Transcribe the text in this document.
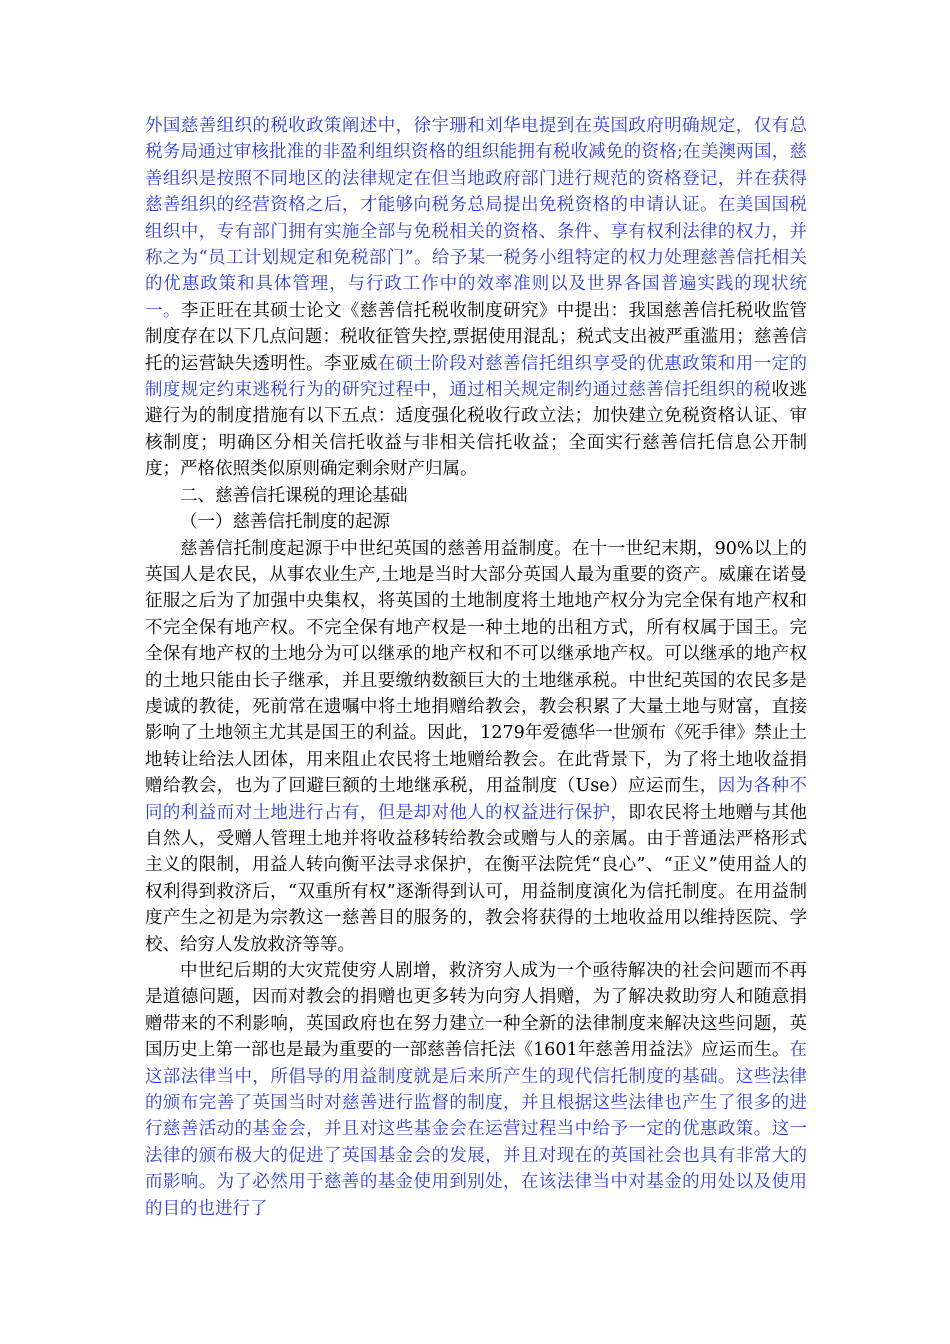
外国慈善组织的税收政策阐述中，徐宇珊和刘华电提到在英国政府明确规定，仅有总税务局通过审核批准的非盈利组织资格的组织能拥有税收减免的资格;在美澳两国，慈善组织是按照不同地区的法律规定在但当地政府部门进行规范的资格登记，并在获得慈善组织的经营资格之后，才能够向税务总局提出免税资格的申请认证。在美国国税组织中，专有部门拥有实施全部与免税相关的资格、条件、享有权利法律的权力，并称之为“员工计划规定和免税部门”。给予某一税务小组特定的权力处理慈善信托相关的优惠政策和具体管理，与行政工作中的效率准则以及世界各国普遍实践的现状统一。李正旺在其硕士论文《慈善信托税收制度研究》中提出：我国慈善信托税收监管制度存在以下几点问题：税收征管失控,票据使用混乱；税式支出被严重滥用；慈善信托的运营缺失透明性。李亚威在硕士阶段对慈善信托组织享受的优惠政策和用一定的制度规定约束逃税行为的研究过程中，通过相关规定制约通过慈善信托组织的税收逃避行为的制度措施有以下五点：适度强化税收行政立法；加快建立免税资格认证、审核制度；明确区分相关信托收益与非相关信托收益；全面实行慈善信托信息公开制度；严格依照类似原则确定剩余财产归属。

二、慈善信托课税的理论基础

（一）慈善信托制度的起源

慈善信托制度起源于中世纪英国的慈善用益制度。在十一世纪末期，90%以上的英国人是农民，从事农业生产,土地是当时大部分英国人最为重要的资产。威廉在诺曼征服之后为了加强中央集权，将英国的土地制度将土地地产权分为完全保有地产权和不完全保有地产权。不完全保有地产权是一种土地的出租方式，所有权属于国王。完全保有地产权的土地分为可以继承的地产权和不可以继承地产权。可以继承的地产权的土地只能由长子继承，并且要缴纳数额巨大的土地继承税。中世纪英国的农民多是虔诚的教徒，死前常在遗嘱中将土地捐赠给教会，教会积累了大量土地与财富，直接影响了土地领主尤其是国王的利益。因此，1279年爱德华一世颁布《死手律》禁止土地转让给法人团体，用来阻止农民将土地赠给教会。在此背景下，为了将土地收益捐赠给教会，也为了回避巨额的土地继承税，用益制度（Use）应运而生，因为各种不同的利益而对土地进行占有，但是却对他人的权益进行保护，即农民将土地赠与其他自然人，受赠人管理土地并将收益移转给教会或赠与人的亲属。由于普通法严格形式主义的限制，用益人转向衡平法寻求保护，在衡平法院凭“良心”、“正义”使用益人的权利得到救济后，“双重所有权”逐渐得到认可，用益制度演化为信托制度。在用益制度产生之初是为宗教这一慈善目的服务的，教会将获得的土地收益用以维持医院、学校、给穷人发放救济等等。

中世纪后期的大灾荒使穷人剧增，救济穷人成为一个亟待解决的社会问题而不再是道德问题，因而对教会的捐赠也更多转为向穷人捐赠，为了解决救助穷人和随意捐赠带来的不利影响，英国政府也在努力建立一种全新的法律制度来解决这些问题，英国历史上第一部也是最为重要的一部慈善信托法《1601年慈善用益法》应运而生。在这部法律当中，所倡导的用益制度就是后来所产生的现代信托制度的基础。这些法律的颁布完善了英国当时对慈善进行监督的制度，并且根据这些法律也产生了很多的进行慈善活动的基金会，并且对这些基金会在运营过程当中给予一定的优惠政策。这一法律的颁布极大的促进了英国基金会的发展，并且对现在的英国社会也具有非常大的而影响。为了必然用于慈善的基金使用到别处，在该法律当中对基金的用处以及使用的目的也进行了
